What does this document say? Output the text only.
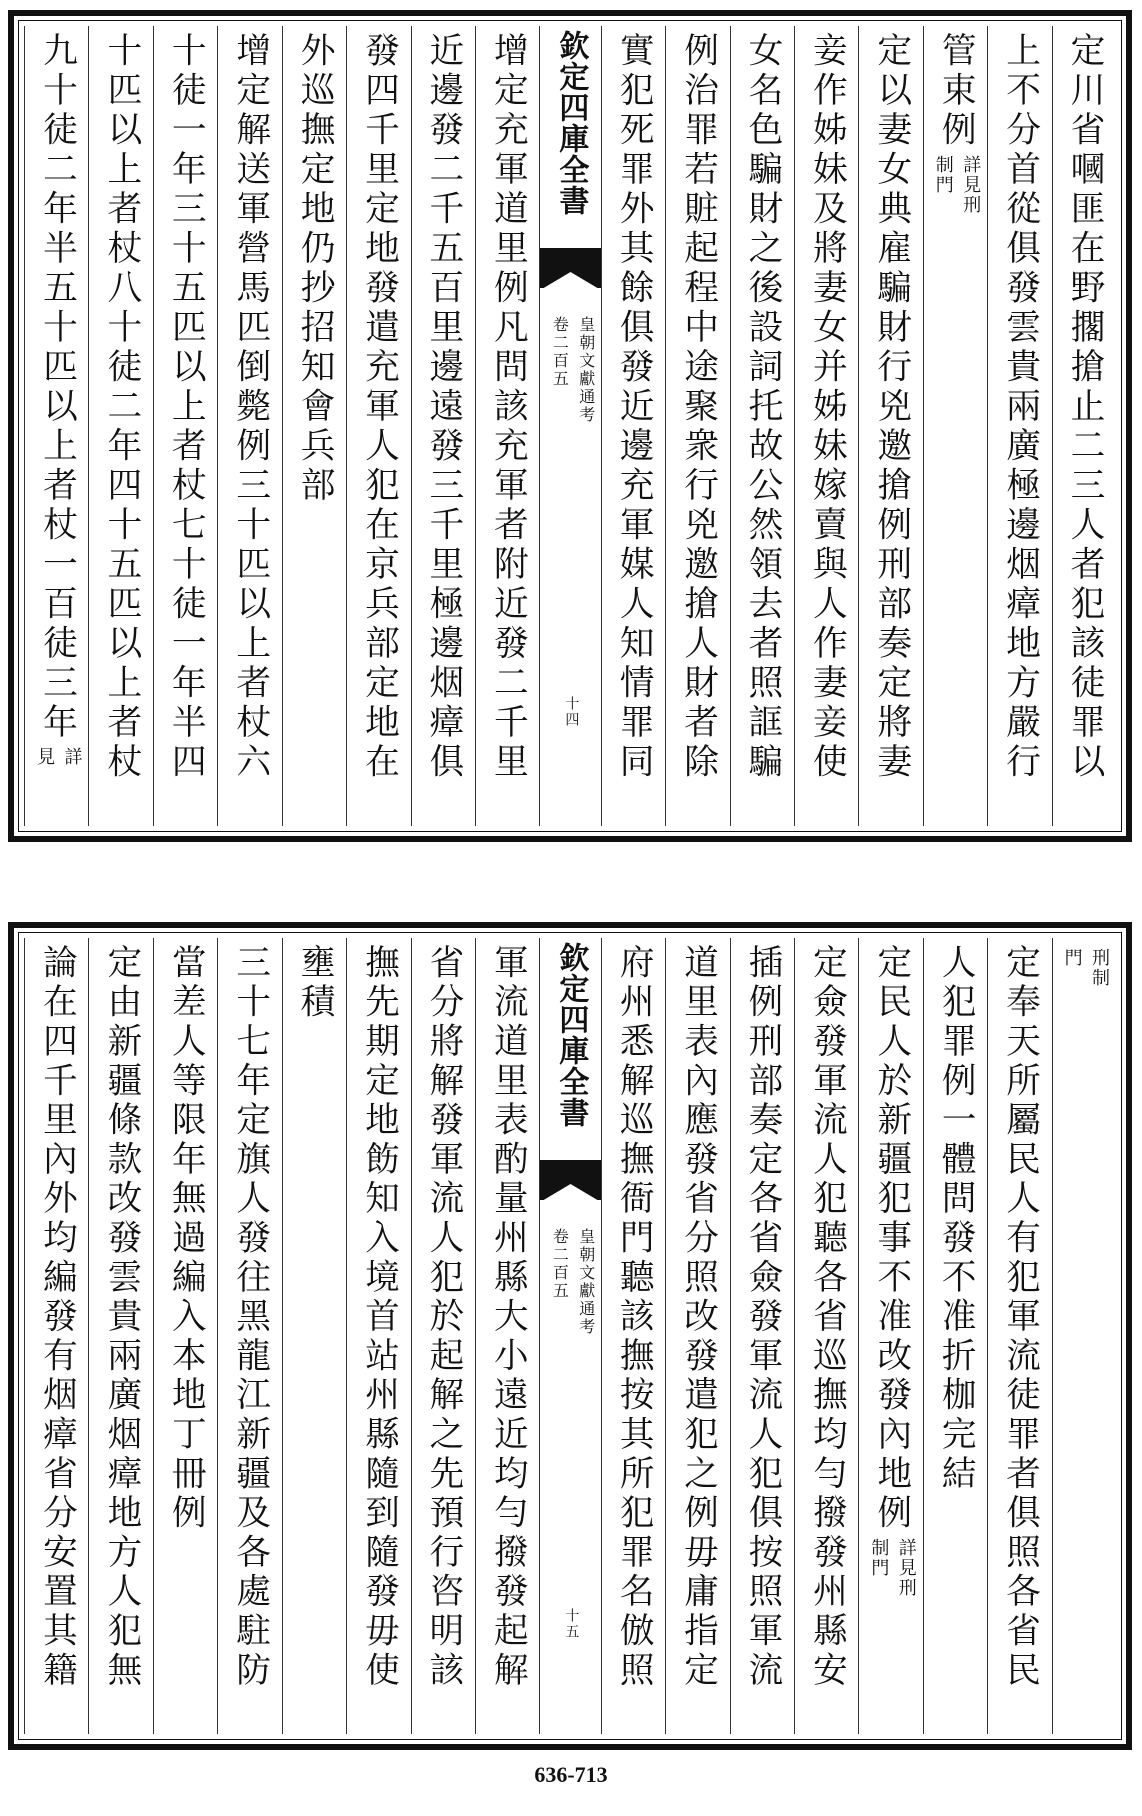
定川省嘓匪在野擱搶止二三人者犯該徒罪以
上不分首從俱發雲貴兩廣極邊烟瘴地方嚴行
管束例
詳見刑
制門
定以妻女典雇騙財行兇邀搶例刑部奏定將妻
妾作姊妹及將妻女并姊妹嫁賣與人作妻妾使
女名色騙財之後設詞托故公然領去者照誆騙
例治罪若賍起程中途聚衆行兇邀搶人財者除
實犯死罪外其餘俱發近邊充軍媒人知情罪同
欽定四庫全書
皇朝文獻通考
卷二百五
十四
增定充軍道里例凡問該充軍者附近發二千里
近邊發二千五百里邊遠發三千里極邊烟瘴俱
發四千里定地發遣充軍人犯在京兵部定地在
外巡撫定地仍抄招知會兵部
增定解送軍營馬匹倒斃例三十匹以上者杖六
十徒一年三十五匹以上者杖七十徒一年半四
十匹以上者杖八十徒二年四十五匹以上者杖
九十徒二年半五十匹以上者杖一百徒三年
詳
見
刑制
門
定奉天所屬民人有犯軍流徒罪者俱照各省民
人犯罪例一體問發不准折枷完結
定民人於新疆犯事不准改發內地例
詳見刑
制門
定僉發軍流人犯聽各省巡撫均勻撥發州縣安
插例刑部奏定各省僉發軍流人犯俱按照軍流
道里表內應發省分照改發遣犯之例毋庸指定
府州悉解巡撫衙門聽該撫按其所犯罪名倣照
欽定四庫全書
皇朝文獻通考
卷二百五
十五
軍流道里表酌量州縣大小遠近均勻撥發起解
省分將解發軍流人犯於起解之先預行咨明該
撫先期定地飭知入境首站州縣隨到隨發毋使
壅積
三十七年定旗人發往黑龍江新疆及各處駐防
當差人等限年無過編入本地丁冊例
定由新疆條款改發雲貴兩廣烟瘴地方人犯無
論在四千里內外均編發有烟瘴省分安置其籍
636-713
